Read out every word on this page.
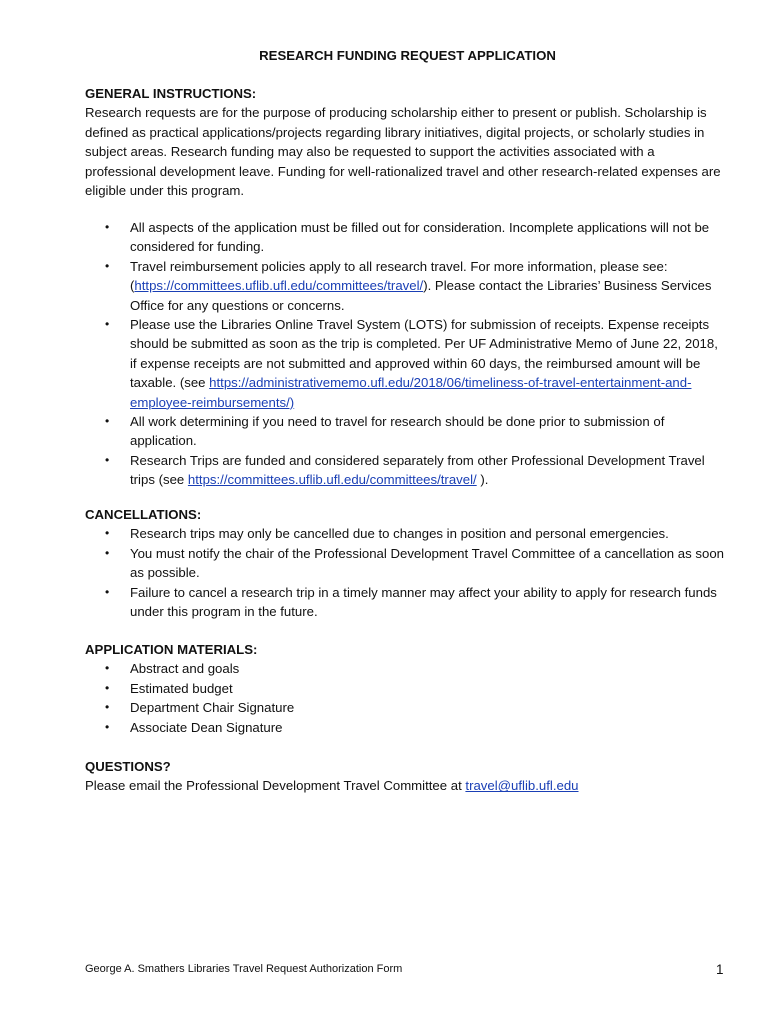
RESEARCH FUNDING REQUEST APPLICATION
GENERAL INSTRUCTIONS:
Research requests are for the purpose of producing scholarship either to present or publish. Scholarship is defined as practical applications/projects regarding library initiatives, digital projects, or scholarly studies in subject areas. Research funding may also be requested to support the activities associated with a professional development leave. Funding for well-rationalized travel and other research-related expenses are eligible under this program.
• All aspects of the application must be filled out for consideration. Incomplete applications will not be considered for funding.
• Travel reimbursement policies apply to all research travel. For more information, please see: (https://committees.uflib.ufl.edu/committees/travel/). Please contact the Libraries’ Business Services Office for any questions or concerns.
• Please use the Libraries Online Travel System (LOTS) for submission of receipts. Expense receipts should be submitted as soon as the trip is completed. Per UF Administrative Memo of June 22, 2018, if expense receipts are not submitted and approved within 60 days, the reimbursed amount will be taxable. (see https://administrativememo.ufl.edu/2018/06/timeliness-of-travel-entertainment-and-employee-reimbursements/)
• All work determining if you need to travel for research should be done prior to submission of application.
• Research Trips are funded and considered separately from other Professional Development Travel trips (see https://committees.uflib.ufl.edu/committees/travel/ ).
CANCELLATIONS:
• Research trips may only be cancelled due to changes in position and personal emergencies.
• You must notify the chair of the Professional Development Travel Committee of a cancellation as soon as possible.
• Failure to cancel a research trip in a timely manner may affect your ability to apply for research funds under this program in the future.
APPLICATION MATERIALS:
• Abstract and goals
• Estimated budget
• Department Chair Signature
• Associate Dean Signature
QUESTIONS?
Please email the Professional Development Travel Committee at travel@uflib.ufl.edu
George A. Smathers Libraries Travel Request Authorization Form	1
